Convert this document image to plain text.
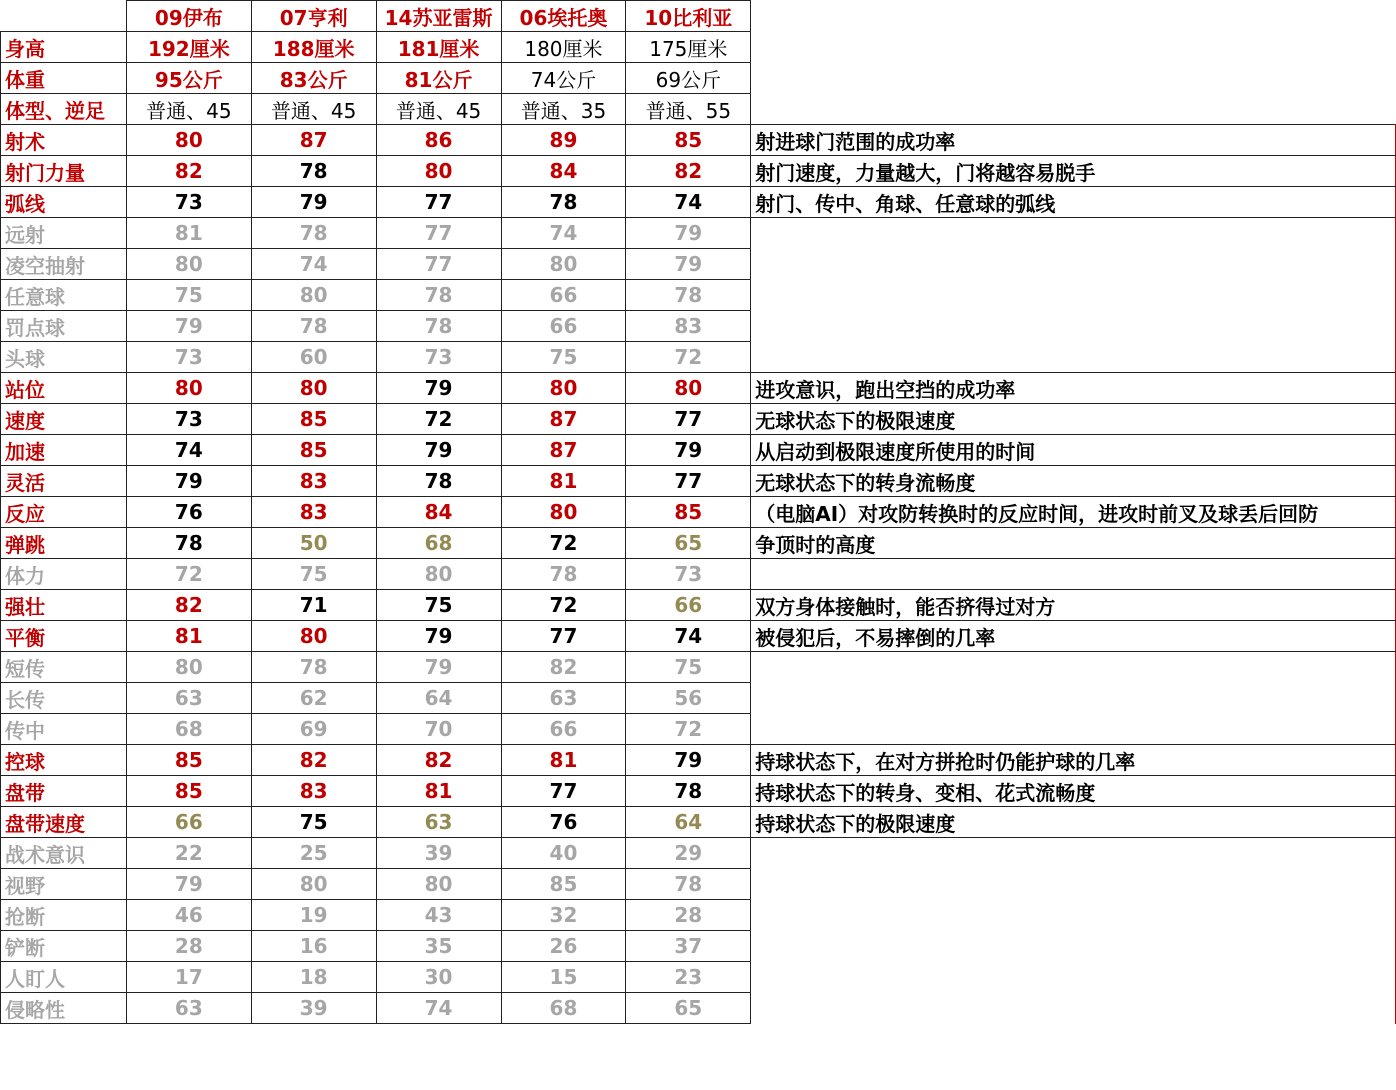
	09伊布	07亨利	14苏亚雷斯	06埃托奥	10比利亚	
身高	192厘米	188厘米	181厘米	180厘米	175厘米	
体重	95公斤	83公斤	81公斤	74公斤	69公斤	
体型、逆足	普通、45	普通、45	普通、45	普通、35	普通、55	
射术	80	87	86	89	85	射进球门范围的成功率
射门力量	82	78	80	84	82	射门速度，力量越大，门将越容易脱手
弧线	73	79	77	78	74	射门、传中、角球、任意球的弧线
远射	81	78	77	74	79	
凌空抽射	80	74	77	80	79	
任意球	75	80	78	66	78	
罚点球	79	78	78	66	83	
头球	73	60	73	75	72	
站位	80	80	79	80	80	进攻意识，跑出空挡的成功率
速度	73	85	72	87	77	无球状态下的极限速度
加速	74	85	79	87	79	从启动到极限速度所使用的时间
灵活	79	83	78	81	77	无球状态下的转身流畅度
反应	76	83	84	80	85	（电脑AI）对攻防转换时的反应时间，进攻时前叉及球丢后回防
弹跳	78	50	68	72	65	争顶时的高度
体力	72	75	80	78	73	
强壮	82	71	75	72	66	双方身体接触时，能否挤得过对方
平衡	81	80	79	77	74	被侵犯后，不易摔倒的几率
短传	80	78	79	82	75	
长传	63	62	64	63	56	
传中	68	69	70	66	72	
控球	85	82	82	81	79	持球状态下，在对方拼抢时仍能护球的几率
盘带	85	83	81	77	78	持球状态下的转身、变相、花式流畅度
盘带速度	66	75	63	76	64	持球状态下的极限速度
战术意识	22	25	39	40	29	
视野	79	80	80	85	78	
抢断	46	19	43	32	28	
铲断	28	16	35	26	37	
人盯人	17	18	30	15	23	
侵略性	63	39	74	68	65	
